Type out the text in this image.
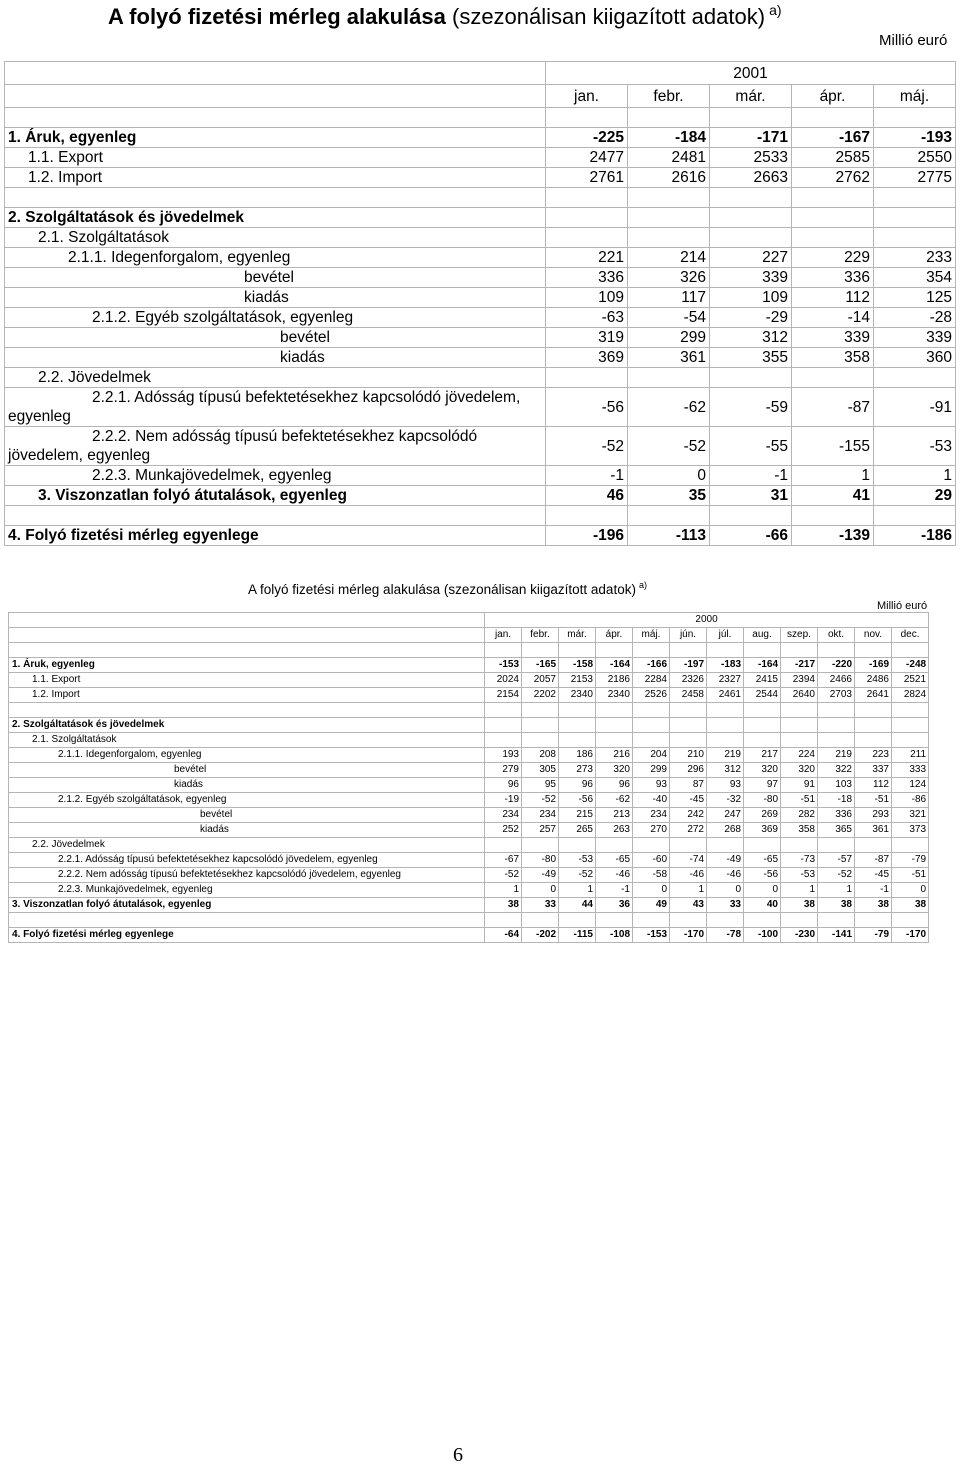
A folyó fizetési mérleg alakulása (szezonálisan kiigazított adatok) $^{a)}$
Millió euró
	2001				
	jan.	febr.	már.	ápr.	máj.

1. Áruk, egyenleg	-225	-184	-171	-167	-193
1.1. Export	2477	2481	2533	2585	2550
1.2. Import	2761	2616	2663	2762	2775

2. Szolgáltatások és jövedelmek					
2.1. Szolgáltatások					
2.1.1. Idegenforgalom, egyenleg	221	214	227	229	233
bevétel	336	326	339	336	354
kiadás	109	117	109	112	125
2.1.2. Egyéb szolgáltatások, egyenleg	-63	-54	-29	-14	-28
bevétel	319	299	312	339	339
kiadás	369	361	355	358	360
2.2. Jövedelmek					
2.2.1. Adósság típusú befektetésekhez kapcsolódó jövedelem, egyenleg	-56	-62	-59	-87	-91
2.2.2. Nem adósság típusú befektetésekhez kapcsolódó jövedelem, egyenleg	-52	-52	-55	-155	-53
2.2.3. Munkajövedelmek, egyenleg	-1	0	-1	1	1
3. Viszonzatlan folyó átutalások, egyenleg	46	35	31	41	29

4. Folyó fizetési mérleg egyenlege	-196	-113	-66	-139	-186
A folyó fizetési mérleg alakulása (szezonálisan kiigazított adatok) $^{a)}$
Millió euró
	2000											
	jan.	febr.	már.	ápr.	máj.	jún.	júl.	aug.	szep.	okt.	nov.	dec.

1. Áruk, egyenleg	-153	-165	-158	-164	-166	-197	-183	-164	-217	-220	-169	-248
1.1. Export	2024	2057	2153	2186	2284	2326	2327	2415	2394	2466	2486	2521
1.2. Import	2154	2202	2340	2340	2526	2458	2461	2544	2640	2703	2641	2824

2. Szolgáltatások és jövedelmek												
2.1. Szolgáltatások												
2.1.1. Idegenforgalom, egyenleg	193	208	186	216	204	210	219	217	224	219	223	211
bevétel	279	305	273	320	299	296	312	320	320	322	337	333
kiadás	96	95	96	96	93	87	93	97	91	103	112	124
2.1.2. Egyéb szolgáltatások, egyenleg	-19	-52	-56	-62	-40	-45	-32	-80	-51	-18	-51	-86
bevétel	234	234	215	213	234	242	247	269	282	336	293	321
kiadás	252	257	265	263	270	272	268	369	358	365	361	373
2.2. Jövedelmek												
2.2.1. Adósság típusú befektetésekhez kapcsolódó jövedelem, egyenleg	-67	-80	-53	-65	-60	-74	-49	-65	-73	-57	-87	-79
2.2.2. Nem adósság típusú befektetésekhez kapcsolódó jövedelem, egyenleg	-52	-49	-52	-46	-58	-46	-46	-56	-53	-52	-45	-51
2.2.3. Munkajövedelmek, egyenleg	1	0	1	-1	0	1	0	0	1	1	-1	0
3. Viszonzatlan folyó átutalások, egyenleg	38	33	44	36	49	43	33	40	38	38	38	38

4. Folyó fizetési mérleg egyenlege	-64	-202	-115	-108	-153	-170	-78	-100	-230	-141	-79	-170
6
